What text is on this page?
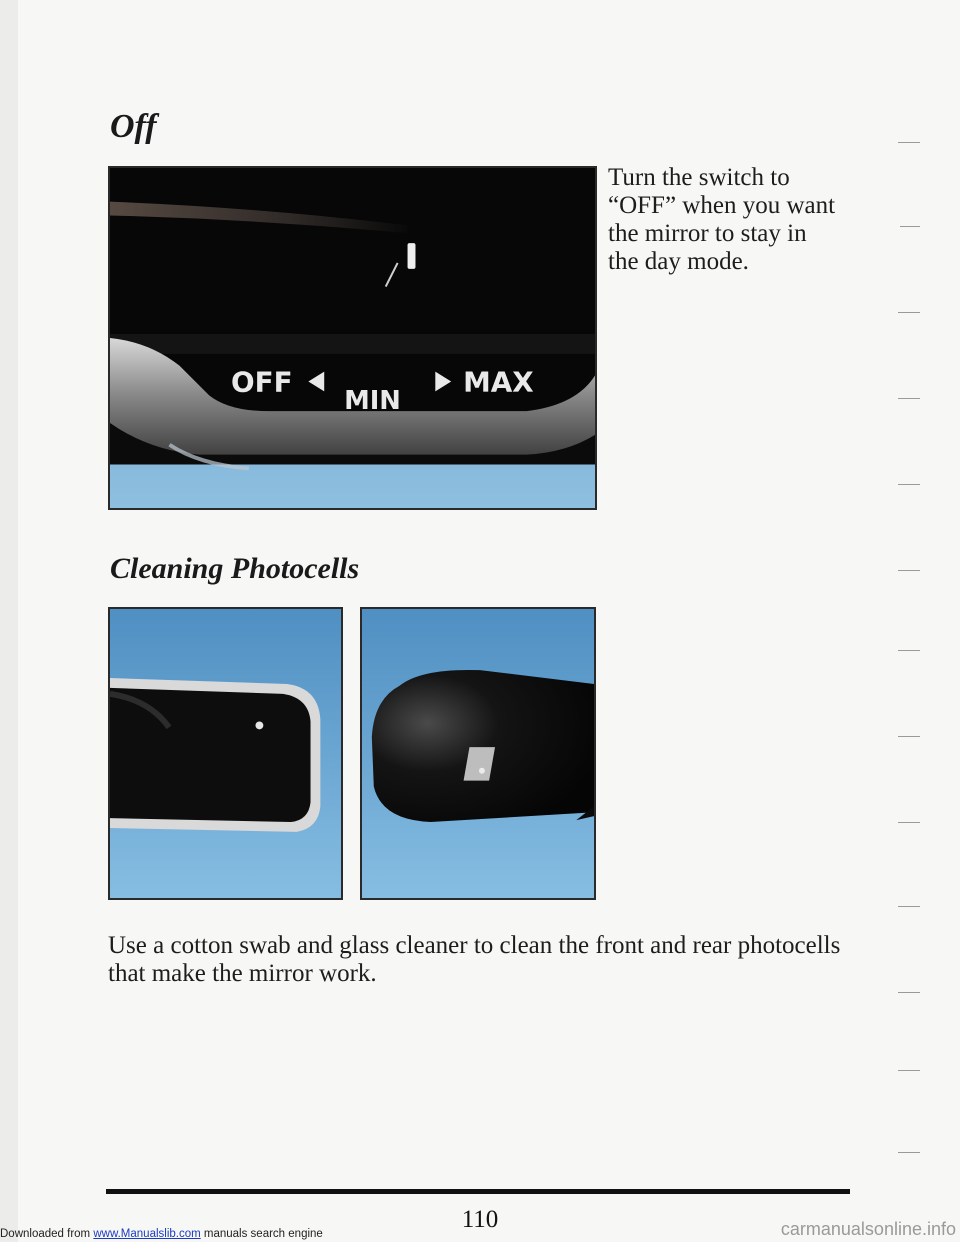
Off
OFF
MIN
MAX

Turn the switch to
“OFF” when you want
the mirror to stay in
the day mode.

Cleaning Photocells

Use a cotton swab and glass cleaner to clean the front and rear photocells
that make the mirror work.

110
Downloaded from www.Manualslib.com manuals search engine	carmanualsonline.info
